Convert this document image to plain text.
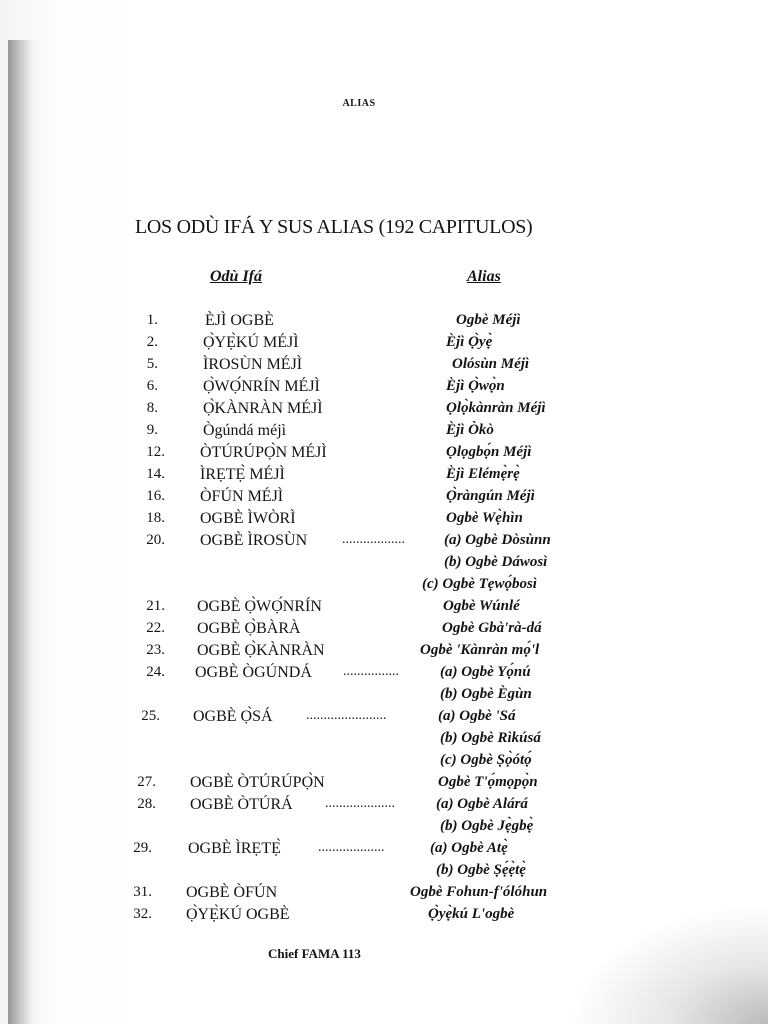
ALIAS
LOS ODÙ IFÁ Y SUS ALIAS (192 CAPITULOS)
Odù Ifá	Alias
1.	ÈJÌ OGBÈ	Ogbè Méjì
2.	Ọ̀YẸ̀KÚ MÉJÌ	Èjì Ọ̀yẹ̀
5.	ÌROSÙN MÉJÌ	Olósùn Méjì
6.	Ọ̀WỌ́NRÍN MÉJÌ	Èjì Ọ̀wọ̀n
8.	Ọ̀KÀNRÀN MÉJÌ	Ọlọ̀kànràn Méjì
9.	Ògúndá méjì	Èjì Òkò
12. ÒTÚRÚPỌ̀N MÉJÌ	Ọlọgbọ́n Méjì
14. ÌRẸTẸ̀ MÉJÌ	Èjì Elémẹ̀rẹ̀
16. ÒFÚN MÉJÌ	Ọ̀ràngún Méjì
18. OGBÈ ÌWÒRÌ	Ogbè Wẹ̀hìn
20. OGBÈ ÌROSÙN ..................	(a) Ogbè Dòsùnn
(b) Ogbè Dáwosì
(c) Ogbè Tẹwọ́bosì
21. OGBÈ Ọ̀WỌ́NRÍN	Ogbè Wúnlé
22. OGBÈ Ọ̀BÀRÀ	Ogbè Gbà'rà-dá
23. OGBÈ Ọ̀KÀNRÀN	Ogbè 'Kànràn mọ́'l
24. OGBÈ ÒGÚNDÁ ................	(a) Ogbè Yọ́nú
(b) Ogbè Ègùn
25. OGBÈ Ọ̀SÁ .......................	(a) Ogbè 'Sá
(b) Ogbè Rìkúsá
(c) Ogbè Ṣọ̀ótọ́
27. OGBÈ ÒTÚRÚPỌ̀N	Ogbè T'ọ́mọpọ̀n
28. OGBÈ ÒTÚRÁ ....................	(a) Ogbè Alárá
(b) Ogbè Jẹ̀gbẹ̀
29. OGBÈ ÌRẸTẸ̀	...................	(a) Ogbè Atẹ̀
(b) Ogbè Ṣẹ́ẹ̀tẹ̀
31. OGBÈ ÒFÚN	Ogbè Fohun-f'ólóhun
32. Ọ̀YẸ̀KÚ OGBÈ	Ọ̀yẹ̀kú L'ogbè
Chief FAMA 113
